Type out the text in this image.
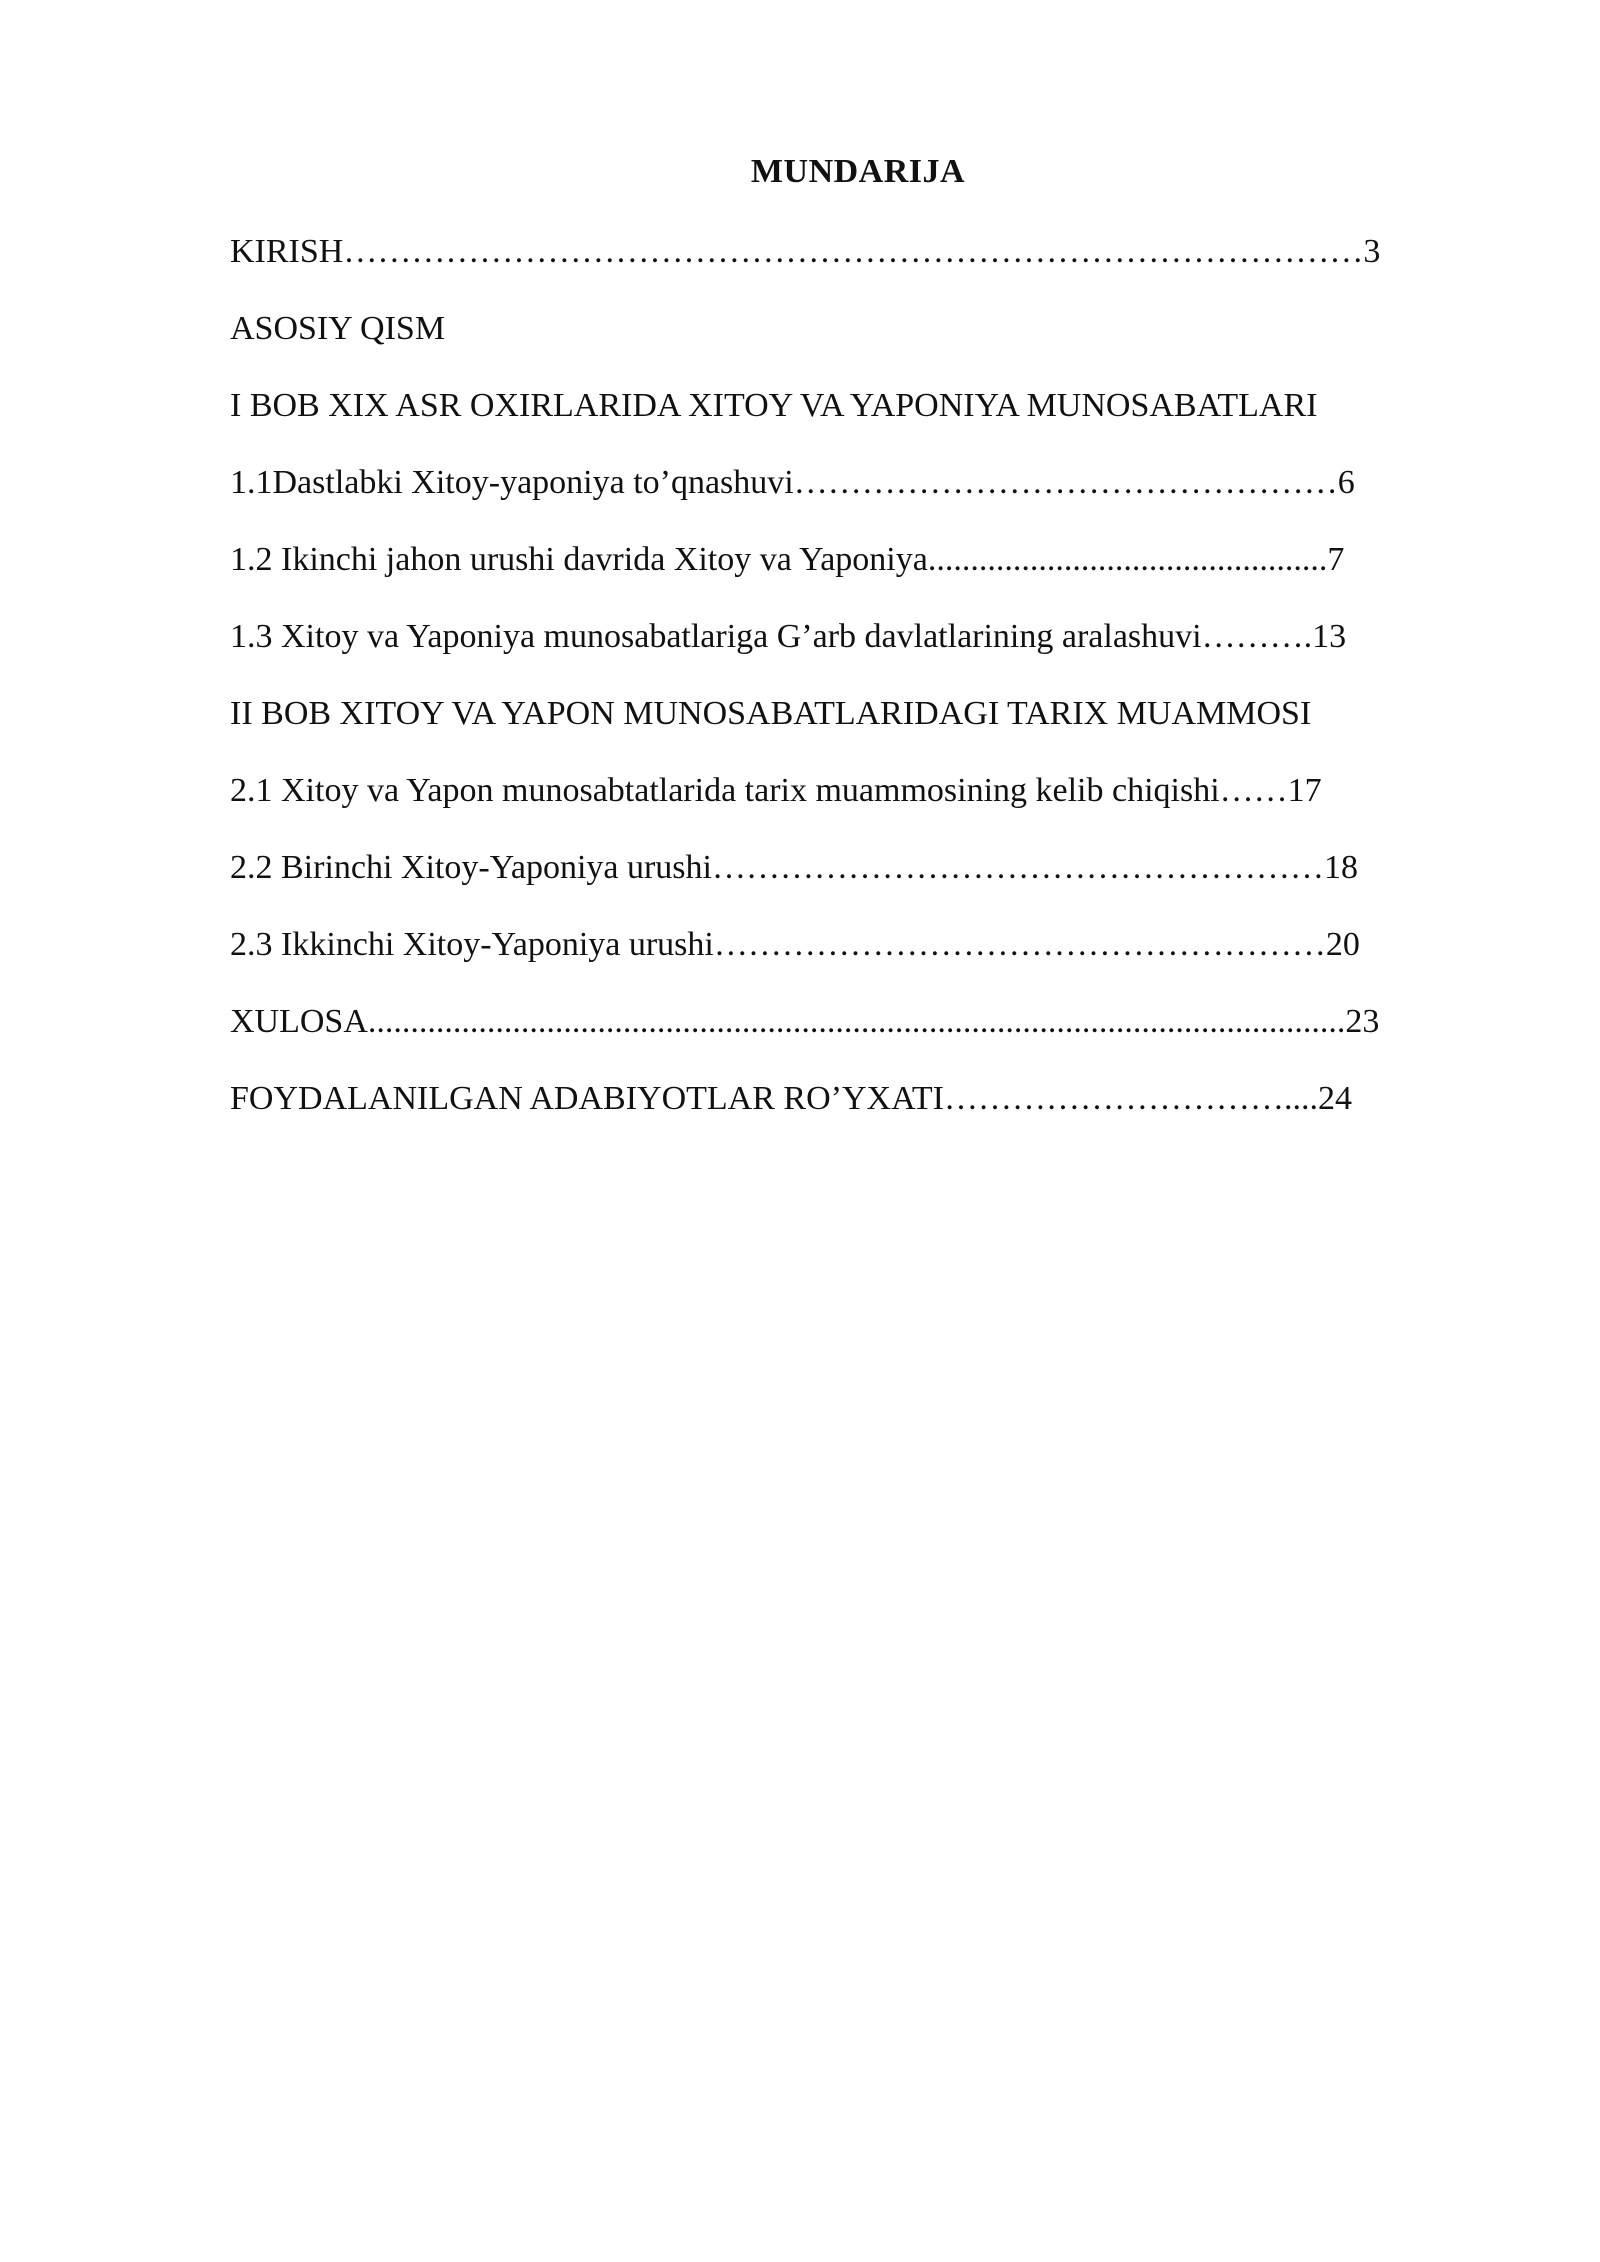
MUNDARIJA
KIRISH………………………………………………………………………………3
ASOSIY QISM
I BOB XIX ASR OXIRLARIDA XITOY VA YAPONIYA MUNOSABATLARI
1.1Dastlabki Xitoy-yaponiya to’qnashuvi…………………………………………6
1.2 Ikinchi jahon urushi davrida Xitoy va Yaponiya...............................................7
1.3 Xitoy va Yaponiya munosabatlariga G’arb davlatlarining aralashuvi……….13
II BOB XITOY VA YAPON MUNOSABATLARIDAGI TARIX MUAMMOSI
2.1 Xitoy va Yapon munosabtatlarida tarix muammosining kelib chiqishi……17
2.2 Birinchi Xitoy-Yaponiya urushi………………………………………………18
2.3 Ikkinchi Xitoy-Yaponiya urushi………………………………………………20
XULOSA...................................................................................................................23
FOYDALANILGAN ADABIYOTLAR RO’YXATI…………………………....24
